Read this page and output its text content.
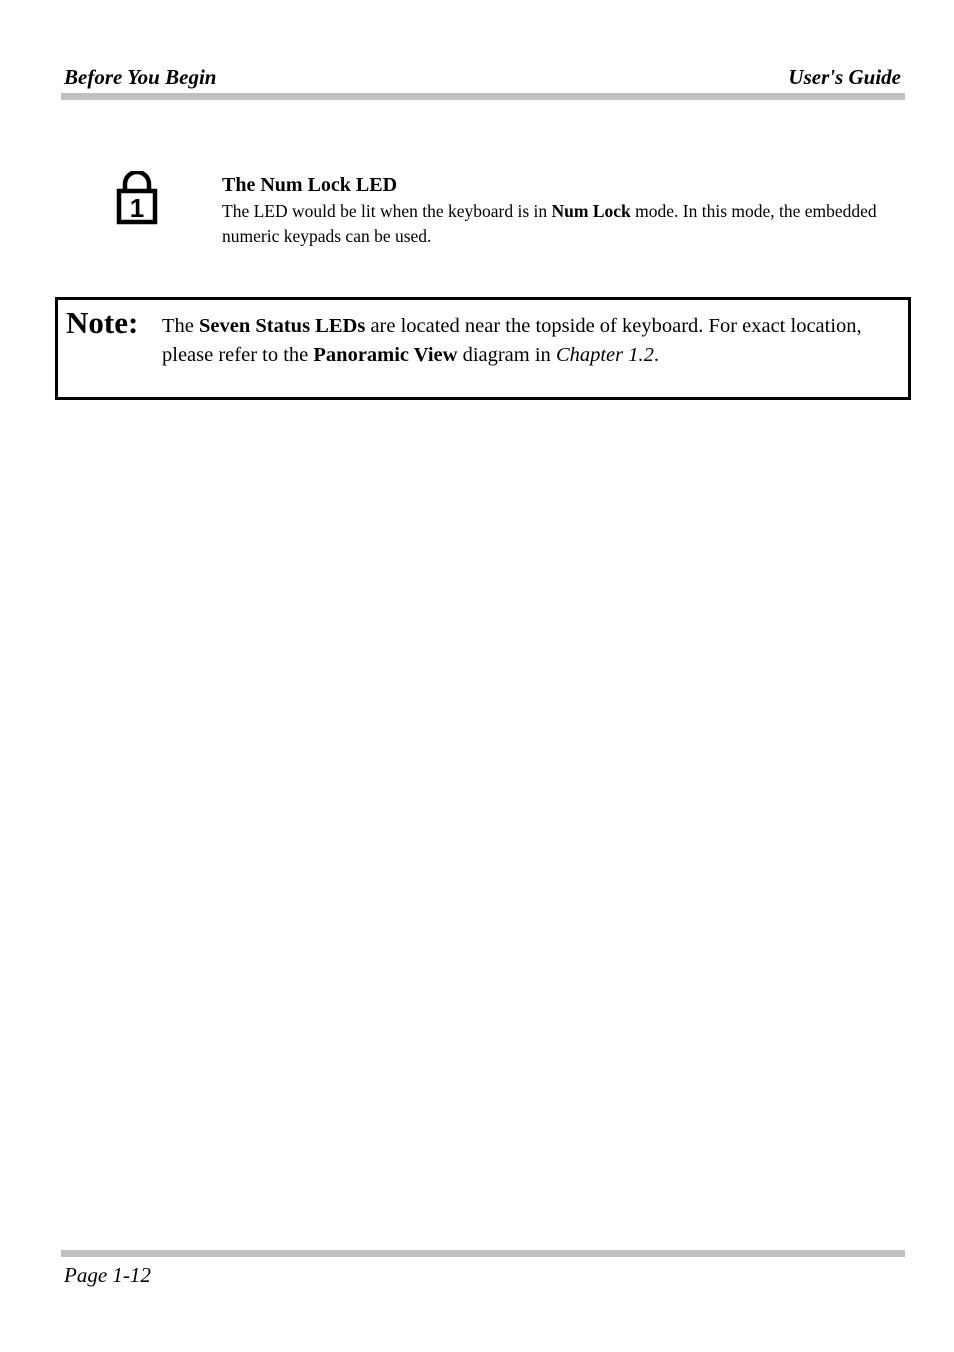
Before You Begin	User's Guide
1

The Num Lock LED

The LED would be lit when the keyboard is in Num Lock mode. In this mode, the embedded numeric keypads can be used.

Note: The Seven Status LEDs are located near the topside of keyboard. For exact location, please refer to the Panoramic View diagram in Chapter 1.2.
Page 1-12
